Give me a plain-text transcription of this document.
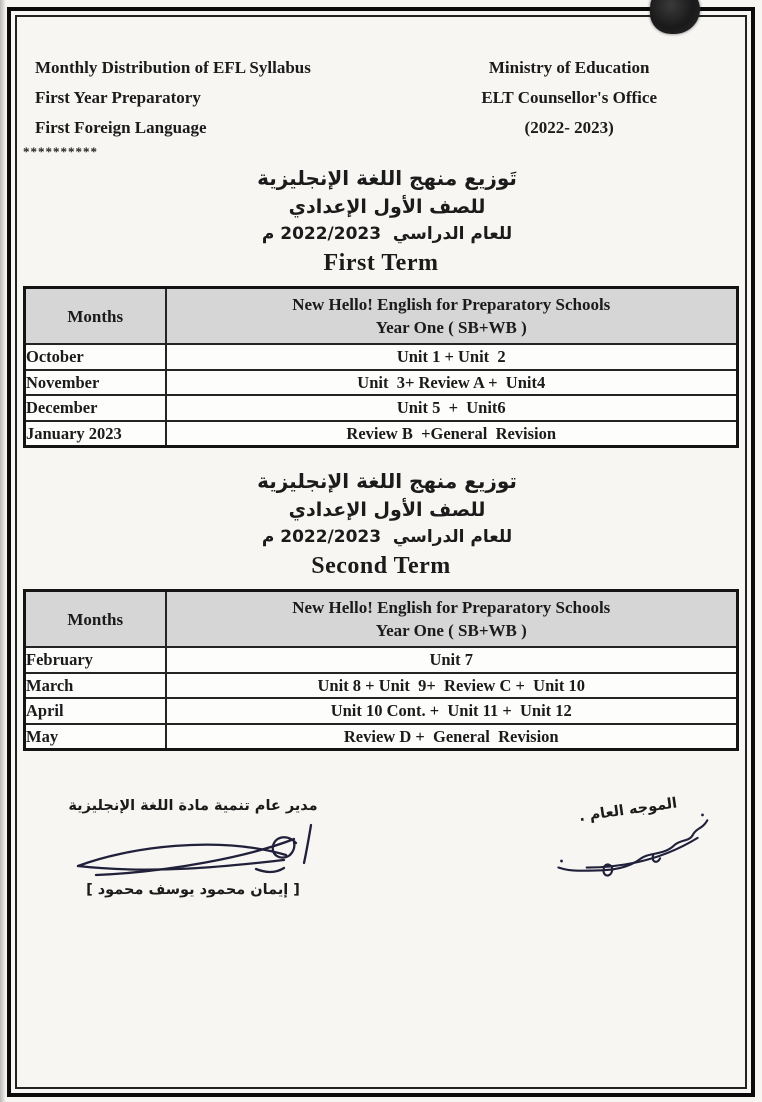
Monthly Distribution of EFL Syllabus
First Year Preparatory
First Foreign Language
Ministry of Education
ELT Counsellor's Office
(2022- 2023)
**********
تَوزيع منهج اللغة الإنجليزية
للصف الأول الإعدادي
للعام الدراسي  2022/2023 م
First Term
Months	New Hello! English for Preparatory Schools
Year One ( SB+WB )

October	Unit 1 + Unit  2
November	Unit  3+ Review A +  Unit4
December	Unit 5  +  Unit6
January 2023	Review B  +General  Revision
توزيع منهج اللغة الإنجليزية
للصف الأول الإعدادي
للعام الدراسي  2022/2023 م
Second Term
Months	New Hello! English for Preparatory Schools
Year One ( SB+WB )

February	Unit 7
March	Unit 8 + Unit  9+  Review C +  Unit 10
April	Unit 10 Cont. +  Unit 11 +  Unit 12
May	Review D +  General  Revision
مدير عام تنمية مادة اللغة الإنجليزية
[ إيمان محمود يوسف محمود ]
الموجه العام .
